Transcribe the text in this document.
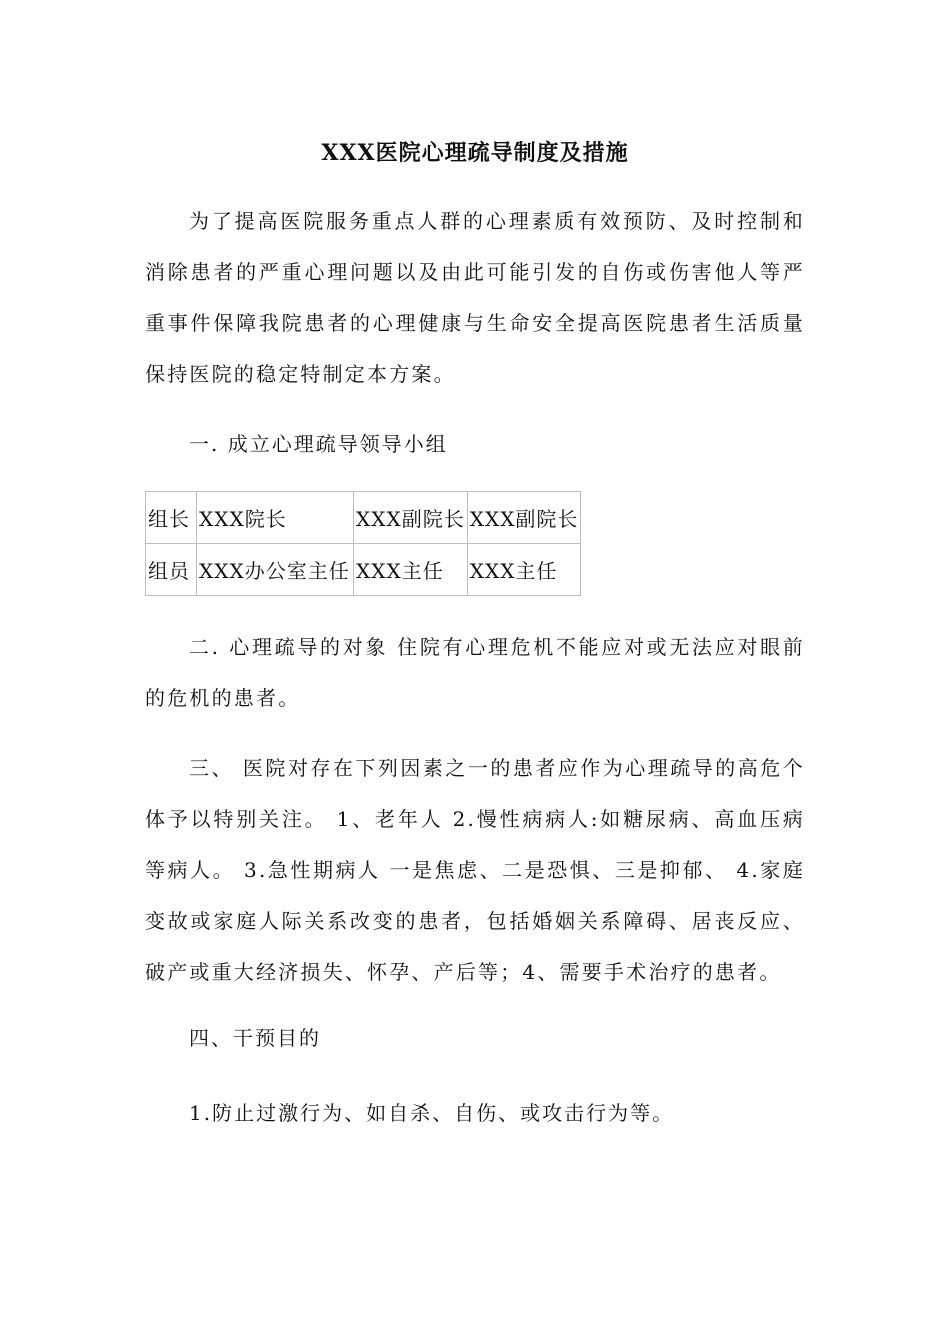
XXX医院心理疏导制度及措施
为了提高医院服务重点人群的心理素质有效预防、及时控制和消除患者的严重心理问题以及由此可能引发的自伤或伤害他人等严重事件保障我院患者的心理健康与生命安全提高医院患者生活质量保持医院的稳定特制定本方案。
一. 成立心理疏导领导小组
组长	XXX院长	XXX副院长	XXX副院长
组员	XXX办公室主任	XXX主任	XXX主任
二. 心理疏导的对象 住院有心理危机不能应对或无法应对眼前的危机的患者。
三、 医院对存在下列因素之一的患者应作为心理疏导的高危个体予以特别关注。 1、老年人 2.慢性病病人:如糖尿病、高血压病等病人。 3.急性期病人 一是焦虑、二是恐惧、三是抑郁、 4.家庭变故或家庭人际关系改变的患者，包括婚姻关系障碍、居丧反应、破产或重大经济损失、怀孕、产后等；4、需要手术治疗的患者。
四、干预目的
1.防止过激行为、如自杀、自伤、或攻击行为等。
